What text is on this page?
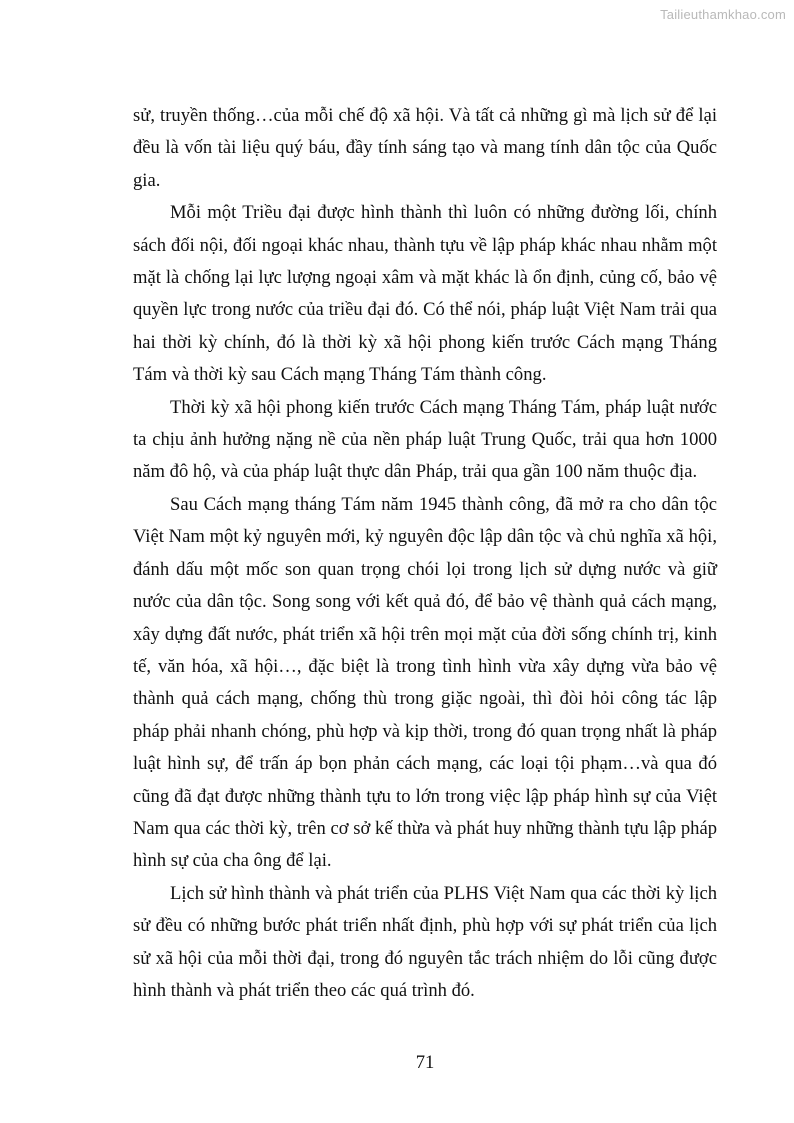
Tailieuthamkhao.com

sử, truyền thống…của mỗi chế độ xã hội. Và tất cả những gì mà lịch sử để lại đều là vốn tài liệu quý báu, đầy tính sáng tạo và mang tính dân tộc của Quốc gia.

Mỗi một Triều đại được hình thành thì luôn có những đường lối, chính sách đối nội, đối ngoại khác nhau, thành tựu về lập pháp khác nhau nhằm một mặt là chống lại lực lượng ngoại xâm và mặt khác là ổn định, củng cố, bảo vệ quyền lực trong nước của triều đại đó. Có thể nói, pháp luật Việt Nam trải qua hai thời kỳ chính, đó là thời kỳ xã hội phong kiến trước Cách mạng Tháng Tám và thời kỳ sau Cách mạng Tháng Tám thành công.

Thời kỳ xã hội phong kiến trước Cách mạng Tháng Tám, pháp luật nước ta chịu ảnh hưởng nặng nề của nền pháp luật Trung Quốc, trải qua hơn 1000 năm đô hộ, và của pháp luật thực dân Pháp, trải qua gần 100 năm thuộc địa.

Sau Cách mạng tháng Tám năm 1945 thành công, đã mở ra cho dân tộc Việt Nam một kỷ nguyên mới, kỷ nguyên độc lập dân tộc và chủ nghĩa xã hội, đánh dấu một mốc son quan trọng chói lọi trong lịch sử dựng nước và giữ nước của dân tộc. Song song với kết quả đó, để bảo vệ thành quả cách mạng, xây dựng đất nước, phát triển xã hội trên mọi mặt của đời sống chính trị, kinh tế, văn hóa, xã hội…, đặc biệt là trong tình hình vừa xây dựng vừa bảo vệ thành quả cách mạng, chống thù trong giặc ngoài, thì đòi hỏi công tác lập pháp phải nhanh chóng, phù hợp và kịp thời, trong đó quan trọng nhất là pháp luật hình sự, để trấn áp bọn phản cách mạng, các loại tội phạm…và qua đó cũng đã đạt được những thành tựu to lớn trong việc lập pháp hình sự của Việt Nam qua các thời kỳ, trên cơ sở kế thừa và phát huy những thành tựu lập pháp hình sự của cha ông để lại.

Lịch sử hình thành và phát triển của PLHS Việt Nam qua các thời kỳ lịch sử đều có những bước phát triển nhất định, phù hợp với sự phát triển của lịch sử xã hội của mỗi thời đại, trong đó nguyên tắc trách nhiệm do lỗi cũng được hình thành và phát triển theo các quá trình đó.

71
